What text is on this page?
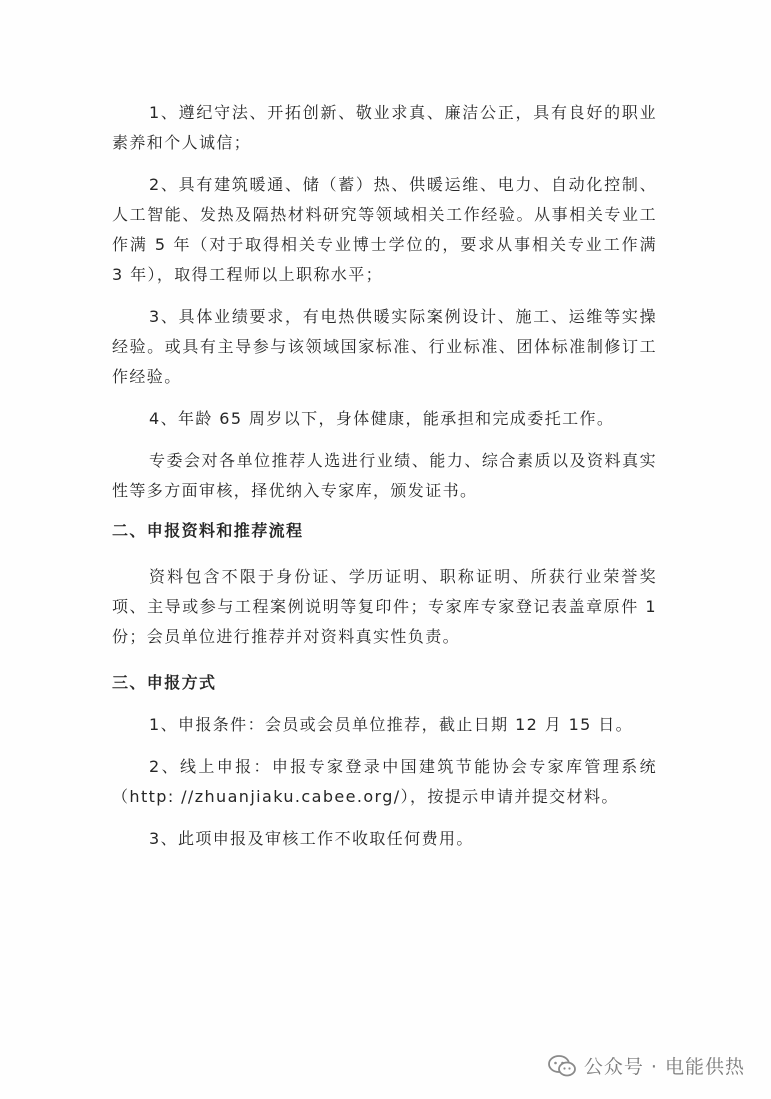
1、遵纪守法、开拓创新、敬业求真、廉洁公正，具有良好的职业素养和个人诚信；

2、具有建筑暖通、储（蓄）热、供暖运维、电力、自动化控制、人工智能、发热及隔热材料研究等领域相关工作经验。从事相关专业工作满 5 年（对于取得相关专业博士学位的，要求从事相关专业工作满 3 年），取得工程师以上职称水平；

3、具体业绩要求，有电热供暖实际案例设计、施工、运维等实操经验。或具有主导参与该领域国家标准、行业标准、团体标准制修订工作经验。

4、年龄 65 周岁以下，身体健康，能承担和完成委托工作。

专委会对各单位推荐人选进行业绩、能力、综合素质以及资料真实性等多方面审核，择优纳入专家库，颁发证书。

二、申报资料和推荐流程

资料包含不限于身份证、学历证明、职称证明、所获行业荣誉奖项、主导或参与工程案例说明等复印件；专家库专家登记表盖章原件 1 份；会员单位进行推荐并对资料真实性负责。

三、申报方式

1、申报条件：会员或会员单位推荐，截止日期 12 月 15 日。

2、线上申报：申报专家登录中国建筑节能协会专家库管理系统（http: //zhuanjiaku.cabee.org/），按提示申请并提交材料。

3、此项申报及审核工作不收取任何费用。

公众号 · 电能供热
